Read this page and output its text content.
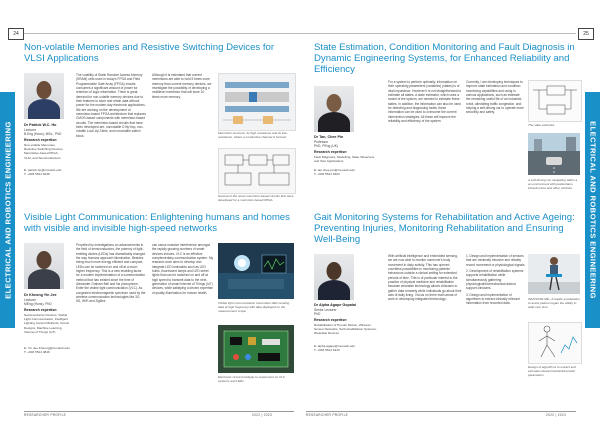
24
ELECTRICAL AND ROBOTICS ENGINEERING
Non-volatile Memories and Resistive Switching Devices for VLSI Applications
Dr Patrick W.C. Ho
Lecturer
B.Eng (Hons), MSc., PhD
Research expertise:
Non-volatile Memories, Resistive Switching Devices, Memristive-based FPGA, VLSI, and Semiconductors
E: patrick.ho@monash.edu
T: +603 5514 6238
The volatility of Static Random Access Memory (SRAM) cells used in today's FPGA and Field Programmable Gate Array (FPGA) circuits consumes a significant amount of power for retention of logic information. There is great demand for non-volatile memory devices due to their features to store and retain data without power for the modern-day electronic applications. We are working on the development of memristor-based FPGA architecture that replaces CMOS-based components with memristor-based circuits. The memristor-based circuits that have been developed are: nonvolatile D flip flop, non-volatile Look-Up-Table, and nonvolatile switch block.
Although it is estimated that current memristors are able to hold 5 times more memory than current memory devices, we investigate the possibility of developing a multilevel memristor that will store 10 times more memory.
Memristor structure, its high resistance and its low-resistance, where a conductive channel is formed.
Several of the novel memristor-based circuits that were developed for a memristor-based FPGA
Visible Light Communication: Enlightening humans and homes with visible and invisible high-speed networks
Dr Kheong Yin Jee
Lecturer
MEng (Hons), PhD
Research expertise:
Semiconductor Devices, Visible Light Communication, Intelligent Lighting Control Methods, Circuit Designs, Machine Learning, Internet of Things (IoT)
E: Yin.Jee.Kheong@monash.edu
T: +603 5514 4846
Propelled by investigations on advancements in the field of semiconductors, the potency of light-emitting diodes (LEDs) has dramatically changed the way humans approach illumination. Besides being much more energy efficient and compact, LEDs can be switched on and off at a much higher frequency. This is a new enabling factor for a modern implementation of a communication method that has existed since the time of Alexander Graham Bell and his photophone. Enter the visible light communication (VLC). As congested electromagnetic spectrum used by the wireless communication technologies like 3G, 5G, WiFi and ZigBee
can cause massive interference amongst the rapidly growing numbers of smart devices indoors, VLC is an effective complementary communication system. My research work aims to develop and integrate LED luminaires such as LED bulbs, fluorescent lamps and LED street lights that can be switched on and off at high speed to transmit data to the next-generation of smart Internet of Things (IoT) devices, while satisfying a decent expertise of quality illumination for human health.
Visible light communication transmitter LED sending data at high frequency with data displayed on the measurement scope
Electronic circuit prototype to experiment on VLC systems and LEDs
RESEARCHER PROFILE	2022 | 2023
25
ELECTRICAL AND ROBOTICS ENGINEERING
State Estimation, Condition Monitoring and Fault Diagnosis in Dynamic Engineering Systems, for Enhanced Reliability and Efficiency
Dr Tan, Chee Pin
Professor
PhD, PEng (UK)
Research expertise:
Fault Diagnosis, Modelling, State Observers and their Applications
E: tan.chee.pin@monash.edu
T: +603 5514 6263
For a system to perform optimally, information on their operating parameters (variables) (states) is of vital importance. However it is not straightforward to estimate all states. A state estimator, which uses a model of the system, are needed to estimate these states. In addition, the information can also be used for detecting and diagnosing faults; these information can be used to overcome the current intervention strategies. All these will improve the reliability and efficiency of the system.
Currently, I am developing techniques to improve state estimation and condition monitoring capabilities and using in various applications, such as estimate the remaining useful life of an industrial robot, alleviating traffic congestion, and helping a self-driving car to operate more smoothly and safely.
The state estimator
A self-driving car navigating within a an environment with pedestrians, infrastructure and other vehicles.
Gait Monitoring Systems for Rehabilitation and Active Ageing: Preventing Injuries, Monitoring Rehabilitation and Ensuring Well-Being
Dr Alpha Agape Gopalai
Senior Lecturer
PhD
Research expertise:
Rehabilitation of Human Motion, Wireless Sensor Networks, Self-rehabilitation Systems, Wearable Devices
E: alpha.agape@monash.edu
T: +603 5514 6443
With artificial intelligence and embedded sensing, we are now able to monitor someone's body movement in daily activity. This has opened countless possibilities in monitoring patients' behaviours outside a clinical setting for extended periods of time. This is of particular interest to the practice of physical medicine and rehabilitation because wearable technology allows clinicians to gather data remotely while individuals go about their acts of daily living. I focus on three main areas of work in developing integrated technology:
1. Design and implementation of sensors that are minimally intrusive and reliably record movement or physiological signals.
2. Development of rehabilitation systems supports rehabilitation while simultaneously gathering physiological/biomechanical data to support clinicians.
3. Design and implementation of algorithms to extract clinically relevant information from recorded data.
INNOVATE ME - A haptic exoskeleton to assist patient regain the ability to walk over time
Design of algorithms to extract and estimate relevant kinetic/kinematic parameters
RESEARCHER PROFILE	2022 | 2023
